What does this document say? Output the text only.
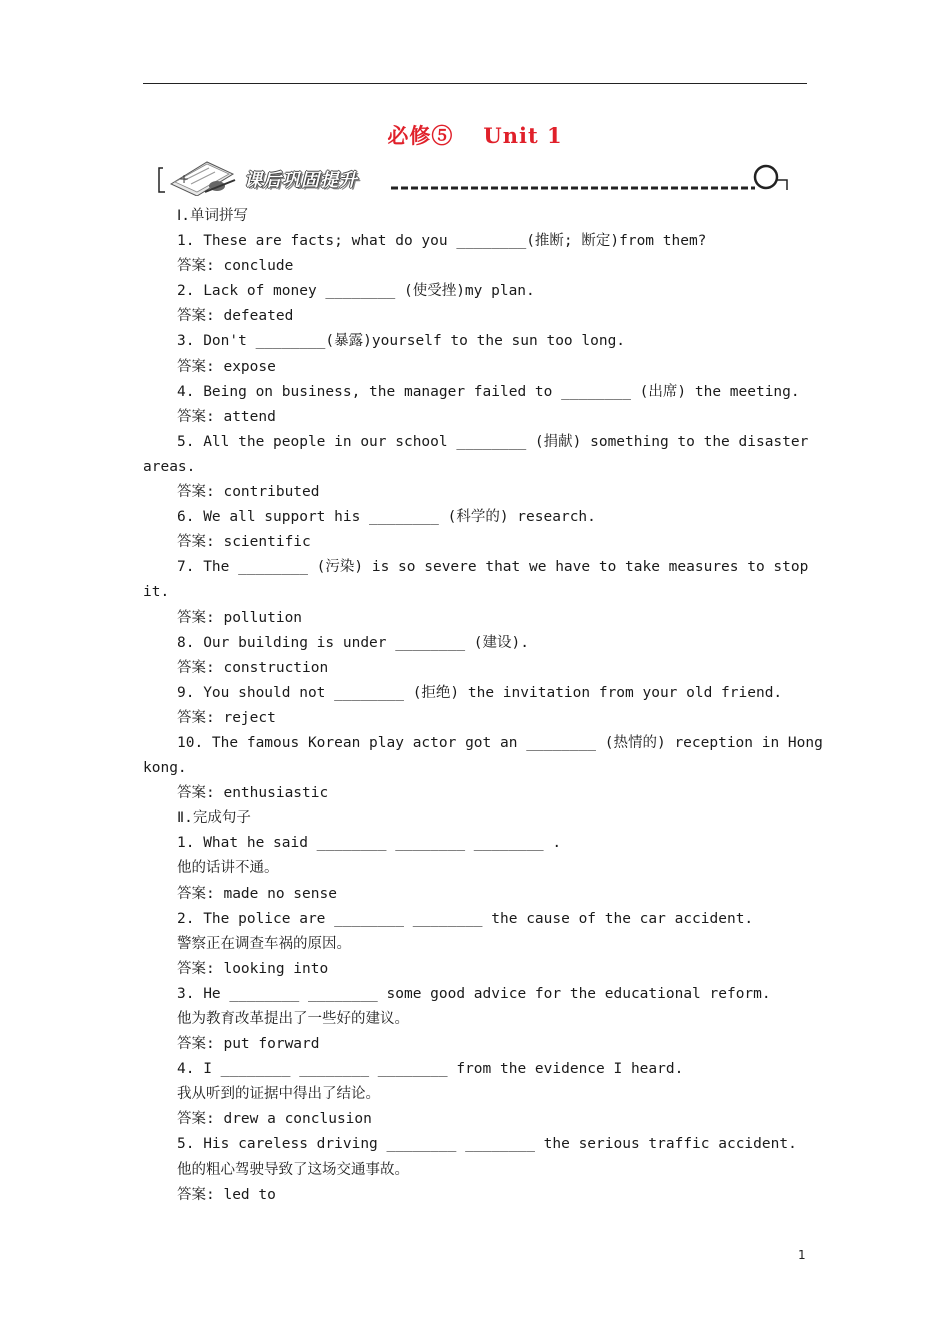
必修⑤ Unit 1
+	课后巩固提升
Ⅰ.单词拼写
1. These are facts; what do you ________(推断; 断定)from them?
答案: conclude
2. Lack of money ________ (使受挫)my plan.
答案: defeated
3. Don't ________(暴露)yourself to the sun too long.
答案: expose
4. Being on business, the manager failed to ________ (出席) the meeting.
答案: attend
5. All the people in our school ________ (捐献) something to the disaster
areas.
答案: contributed
6. We all support his ________ (科学的) research.
答案: scientific
7. The ________ (污染) is so severe that we have to take measures to stop
it.
答案: pollution
8. Our building is under ________ (建设).
答案: construction
9. You should not ________ (拒绝) the invitation from your old friend.
答案: reject
10. The famous Korean play actor got an ________ (热情的) reception in Hong
kong.
答案: enthusiastic
Ⅱ.完成句子
1. What he said ________ ________ ________ .
他的话讲不通。
答案: made no sense
2. The police are ________ ________ the cause of the car accident.
警察正在调查车祸的原因。
答案: looking into
3. He ________ ________ some good advice for the educational reform.
他为教育改革提出了一些好的建议。
答案: put forward
4. I ________ ________ ________ from the evidence I heard.
我从听到的证据中得出了结论。
答案: drew a conclusion
5. His careless driving ________ ________ the serious traffic accident.
他的粗心驾驶导致了这场交通事故。
答案: led to
1
